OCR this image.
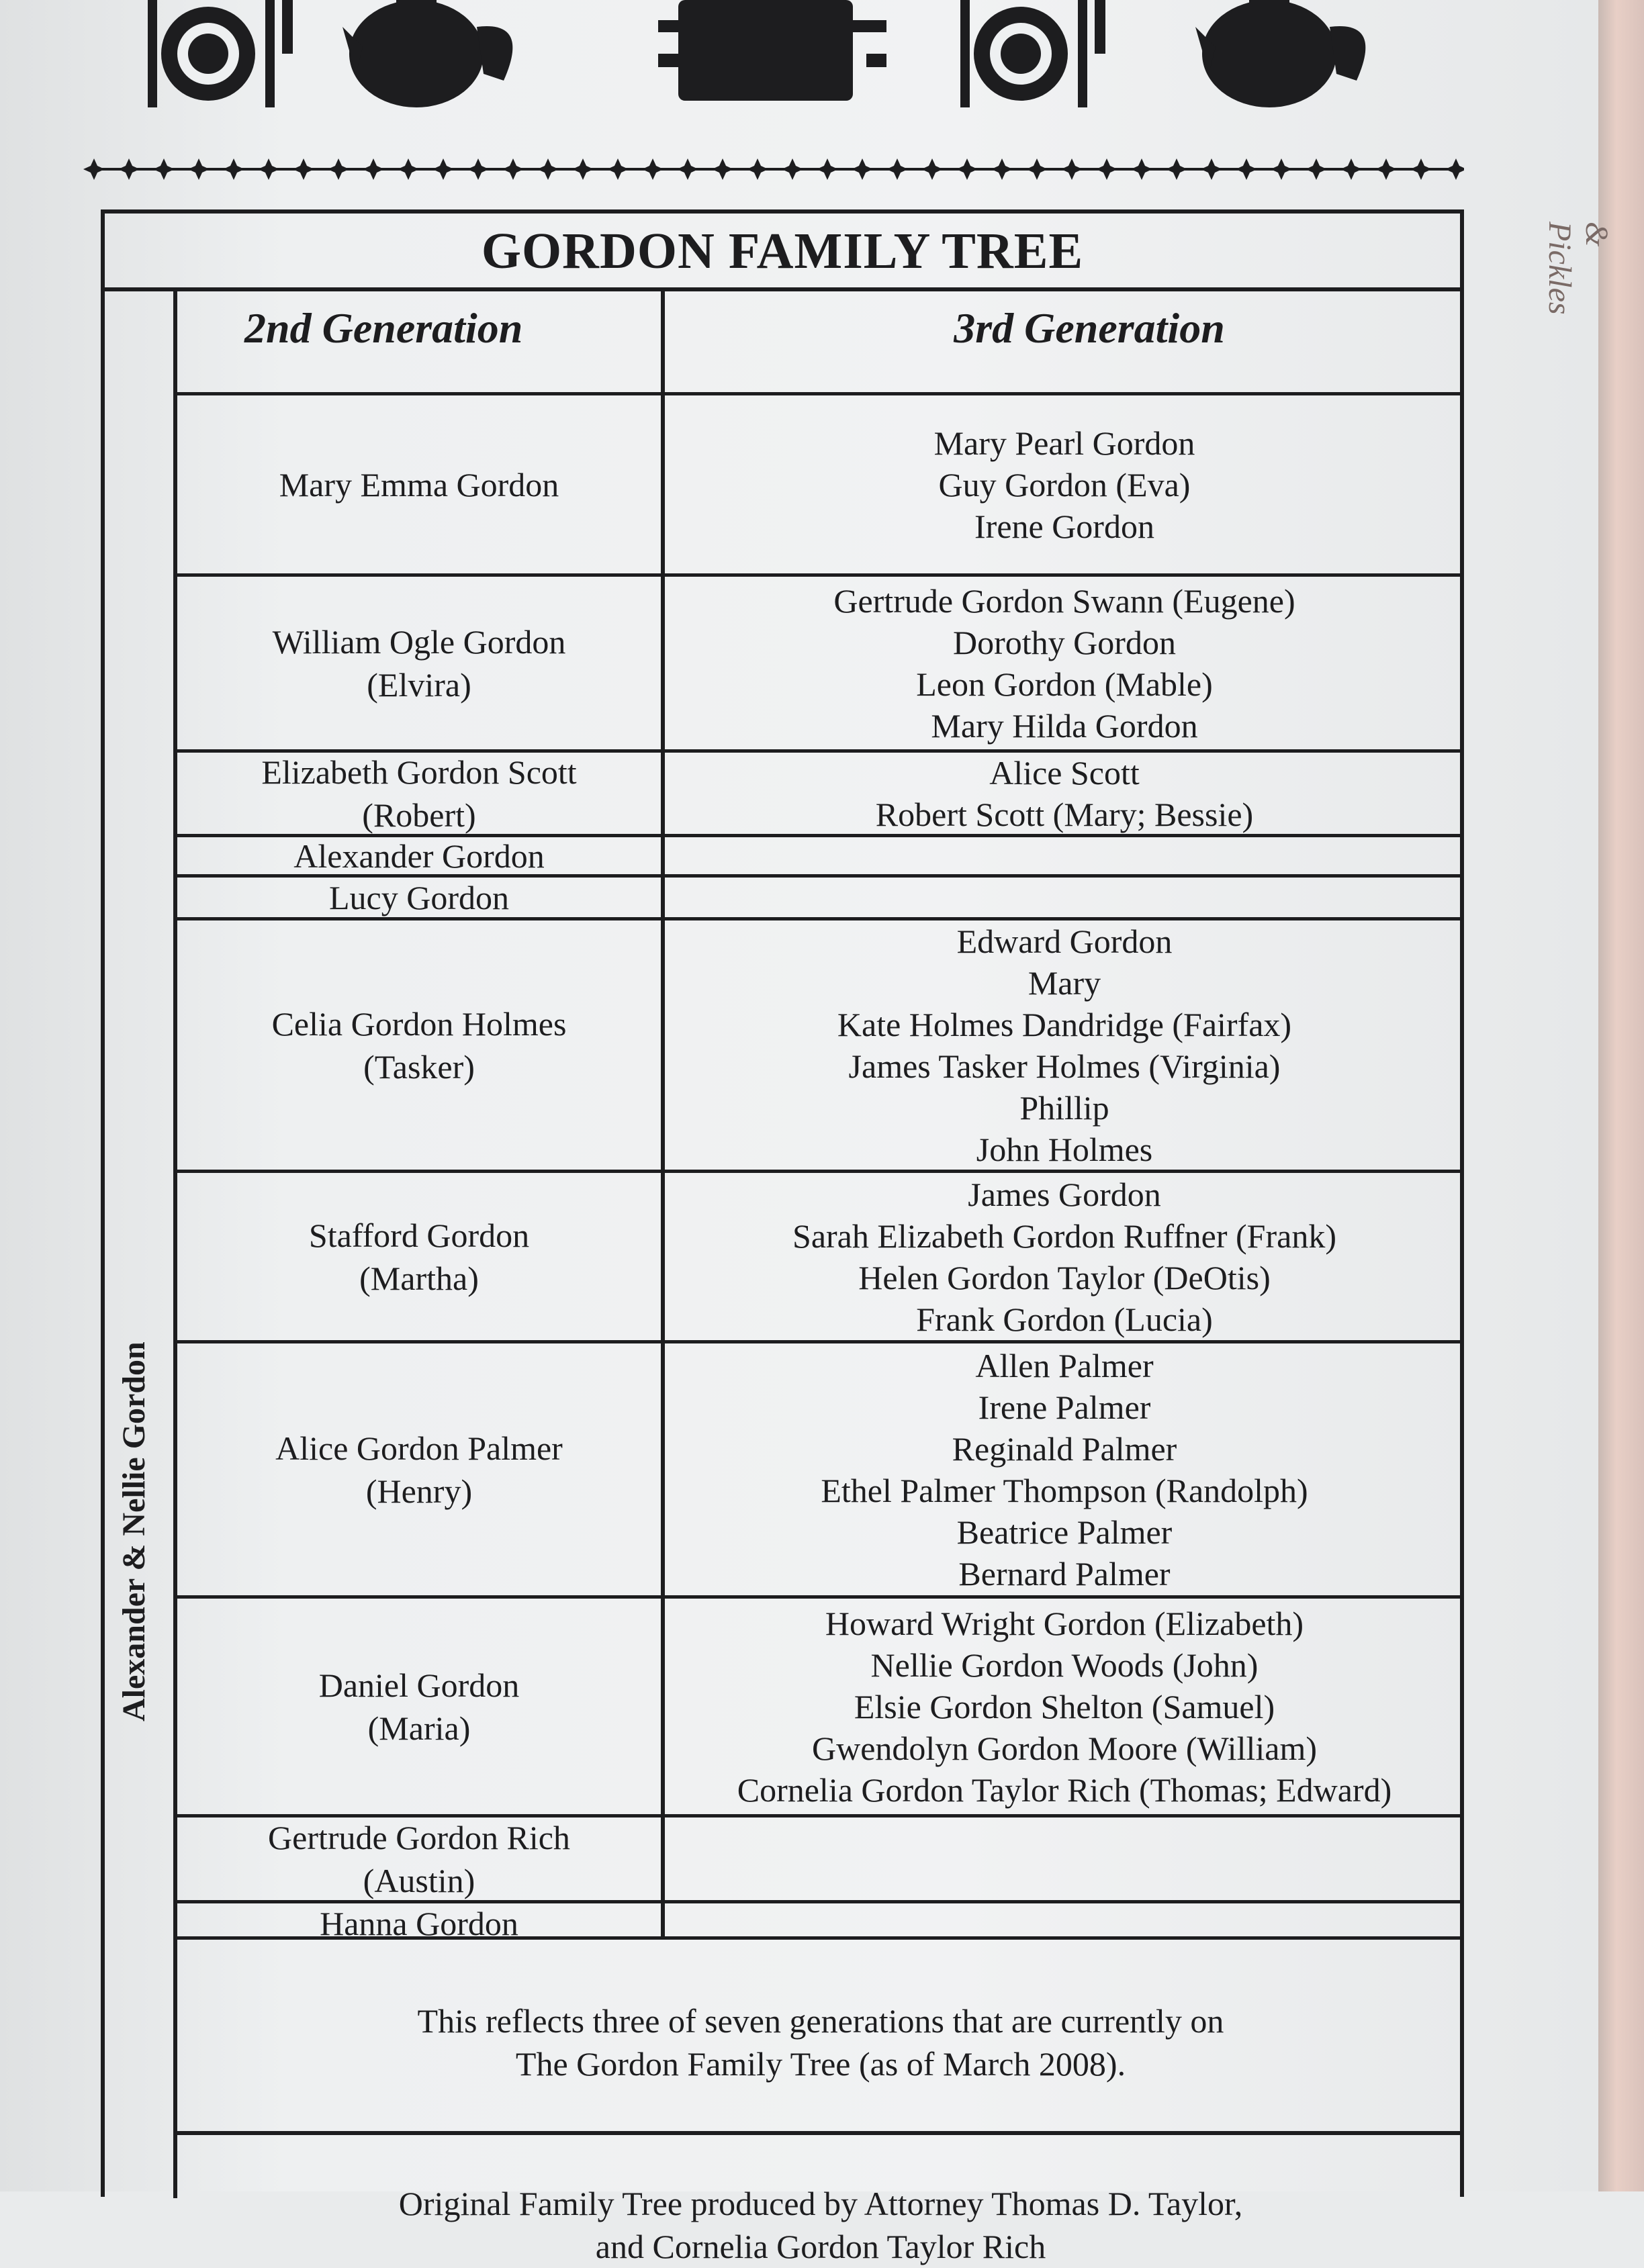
& Pickles
GORDON FAMILY TREE
Alexander & Nellie Gordon
2nd Generation	3rd Generation
Mary Emma Gordon
Mary Pearl Gordon
Guy Gordon (Eva)
Irene Gordon
William Ogle Gordon
(Elvira)
Gertrude Gordon Swann (Eugene)
Dorothy Gordon
Leon Gordon (Mable)
Mary Hilda Gordon
Elizabeth Gordon Scott
(Robert)
Alice Scott
Robert Scott (Mary; Bessie)
Alexander Gordon
Lucy Gordon
Celia Gordon Holmes
(Tasker)
Edward Gordon
Mary
Kate Holmes Dandridge (Fairfax)
James Tasker Holmes (Virginia)
Phillip
John Holmes
Stafford Gordon
(Martha)
James Gordon
Sarah Elizabeth Gordon Ruffner (Frank)
Helen Gordon Taylor (DeOtis)
Frank Gordon (Lucia)
Alice Gordon Palmer
(Henry)
Allen Palmer
Irene Palmer
Reginald Palmer
Ethel Palmer Thompson (Randolph)
Beatrice Palmer
Bernard Palmer
Daniel Gordon
(Maria)
Howard Wright Gordon (Elizabeth)
Nellie Gordon Woods (John)
Elsie Gordon Shelton (Samuel)
Gwendolyn Gordon Moore (William)
Cornelia Gordon Taylor Rich (Thomas; Edward)
Gertrude Gordon Rich
(Austin)
Hanna Gordon
This reflects three of seven generations that are currently on
The Gordon Family Tree (as of March 2008).
Original Family Tree produced by Attorney Thomas D. Taylor,
and Cornelia Gordon Taylor Rich
